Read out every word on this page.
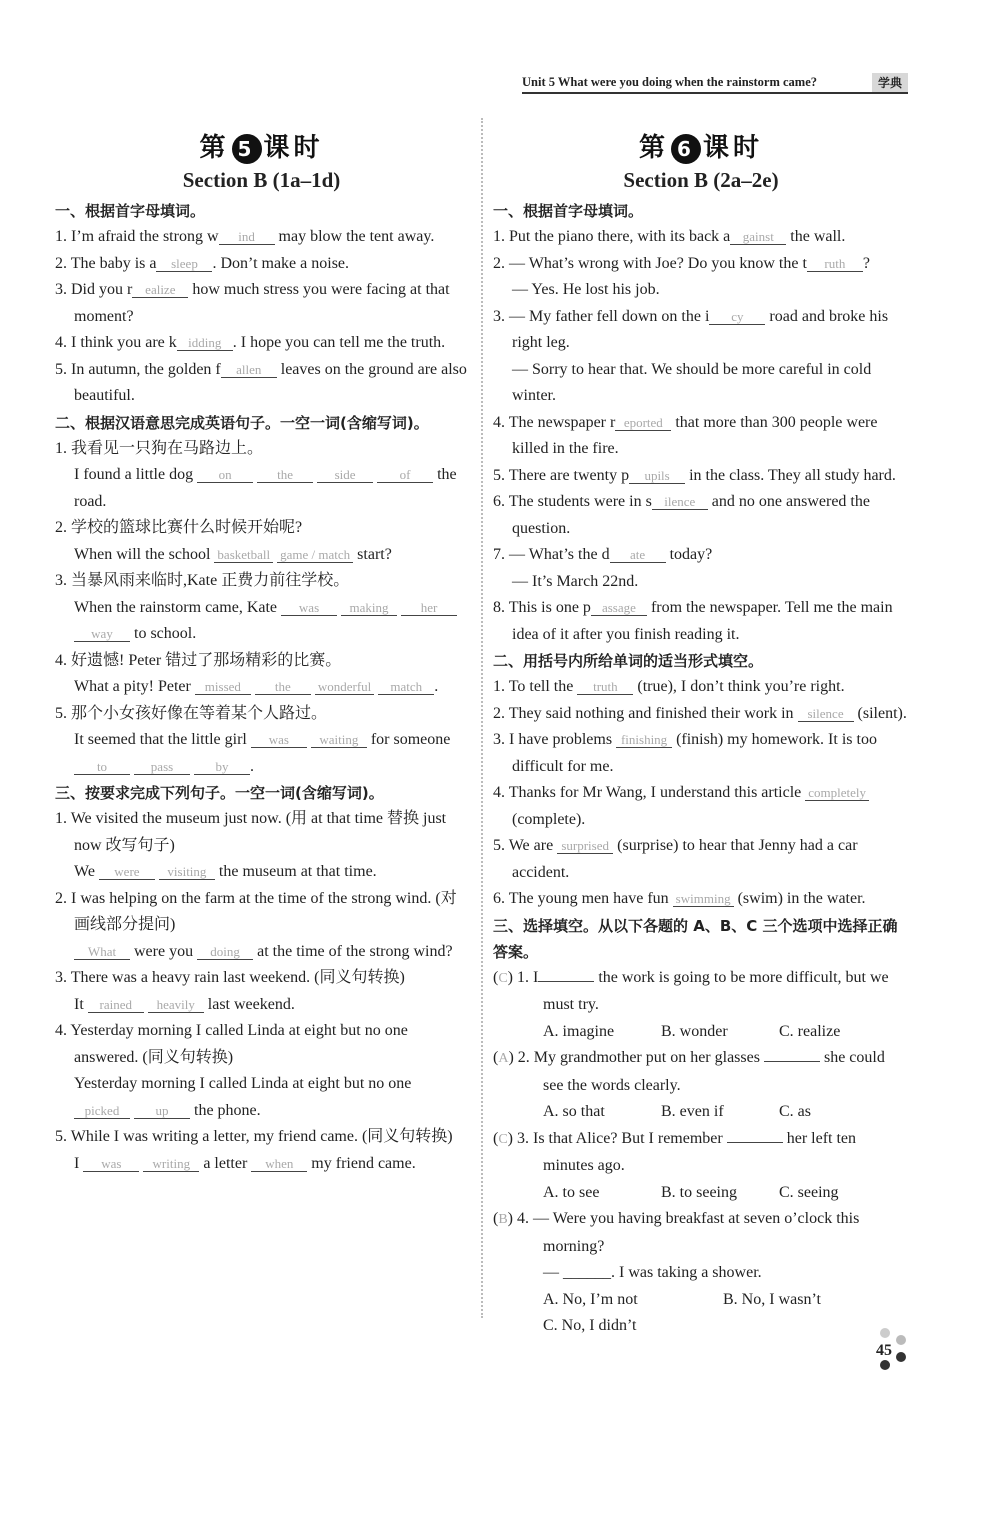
Unit 5 What were you doing when the rainstorm came?	学典
第 5 课时
Section B (1a–1d)
一、根据首字母填词。
1. I’m afraid the strong w ind may blow the tent away.
2. The baby is a sleep . Don’t make a noise.
3. Did you r ealize how much stress you were facing at that moment?
4. I think you are k idding . I hope you can tell me the truth.
5. In autumn, the golden f allen leaves on the ground are also beautiful.
二、根据汉语意思完成英语句子。一空一词(含缩写词)。
1. 我看见一只狗在马路边上。
I found a little dog on	the	side	of the road.
2. 学校的篮球比赛什么时候开始呢?
When will the school basketball game / match start?
3. 当暴风雨来临时,Kate 正费力前往学校。
When the rainstorm came, Kate was making her way to school.
4. 好遗憾! Peter 错过了那场精彩的比赛。
What a pity! Peter missed	the wonderful match .
5. 那个小女孩好像在等着某个人路过。
It seemed that the little girl was waiting for someone to	pass	by .
三、按要求完成下列句子。一空一词(含缩写词)。
1. We visited the museum just now. (用 at that time 替换 just now 改写句子)
We were visiting the museum at that time.
2. I was helping on the farm at the time of the strong wind. (对画线部分提问)
What were you doing at the time of the strong wind?
3. There was a heavy rain last weekend. (同义句转换)
It rained heavily last weekend.
4. Yesterday morning I called Linda at eight but no one answered. (同义句转换)
Yesterday morning I called Linda at eight but no one picked	up the phone.
5. While I was writing a letter, my friend came. (同义句转换)
I was writing a letter when my friend came.
第 6 课时
Section B (2a–2e)
一、根据首字母填词。
1. Put the piano there, with its back a gainst the wall.
2. — What’s wrong with Joe? Do you know the t ruth ?
— Yes. He lost his job.
3. — My father fell down on the i cy road and broke his right leg.
— Sorry to hear that. We should be more careful in cold winter.
4. The newspaper r eported that more than 300 people were killed in the fire.
5. There are twenty p upils in the class. They all study hard.
6. The students were in s ilence and no one answered the question.
7. — What’s the d ate today?
— It’s March 22nd.
8. This is one p assage from the newspaper. Tell me the main idea of it after you finish reading it.
二、用括号内所给单词的适当形式填空。
1. To tell the truth (true), I don’t think you’re right.
2. They said nothing and finished their work in silence (silent).
3. I have problems finishing (finish) my homework. It is too difficult for me.
4. Thanks for Mr Wang, I understand this article completely (complete).
5. We are surprised (surprise) to hear that Jenny had a car accident.
6. The young men have fun swimming (swim) in the water.
三、选择填空。从以下各题的 A、B、C 三个选项中选择正确答案。
(C) 1. I	the work is going to be more difficult, but we must try.
A. imagine	B. wonder	C. realize
(A) 2. My grandmother put on her glasses	she could see the words clearly.
A. so that	B. even if	C. as
(C) 3. Is that Alice? But I remember	her left ten minutes ago.
A. to see	B. to seeing	C. seeing
(B) 4. — Were you having breakfast at seven o’clock this morning?
— ______. I was taking a shower.
A. No, I’m not	B. No, I wasn’t
C. No, I didn’t
45
